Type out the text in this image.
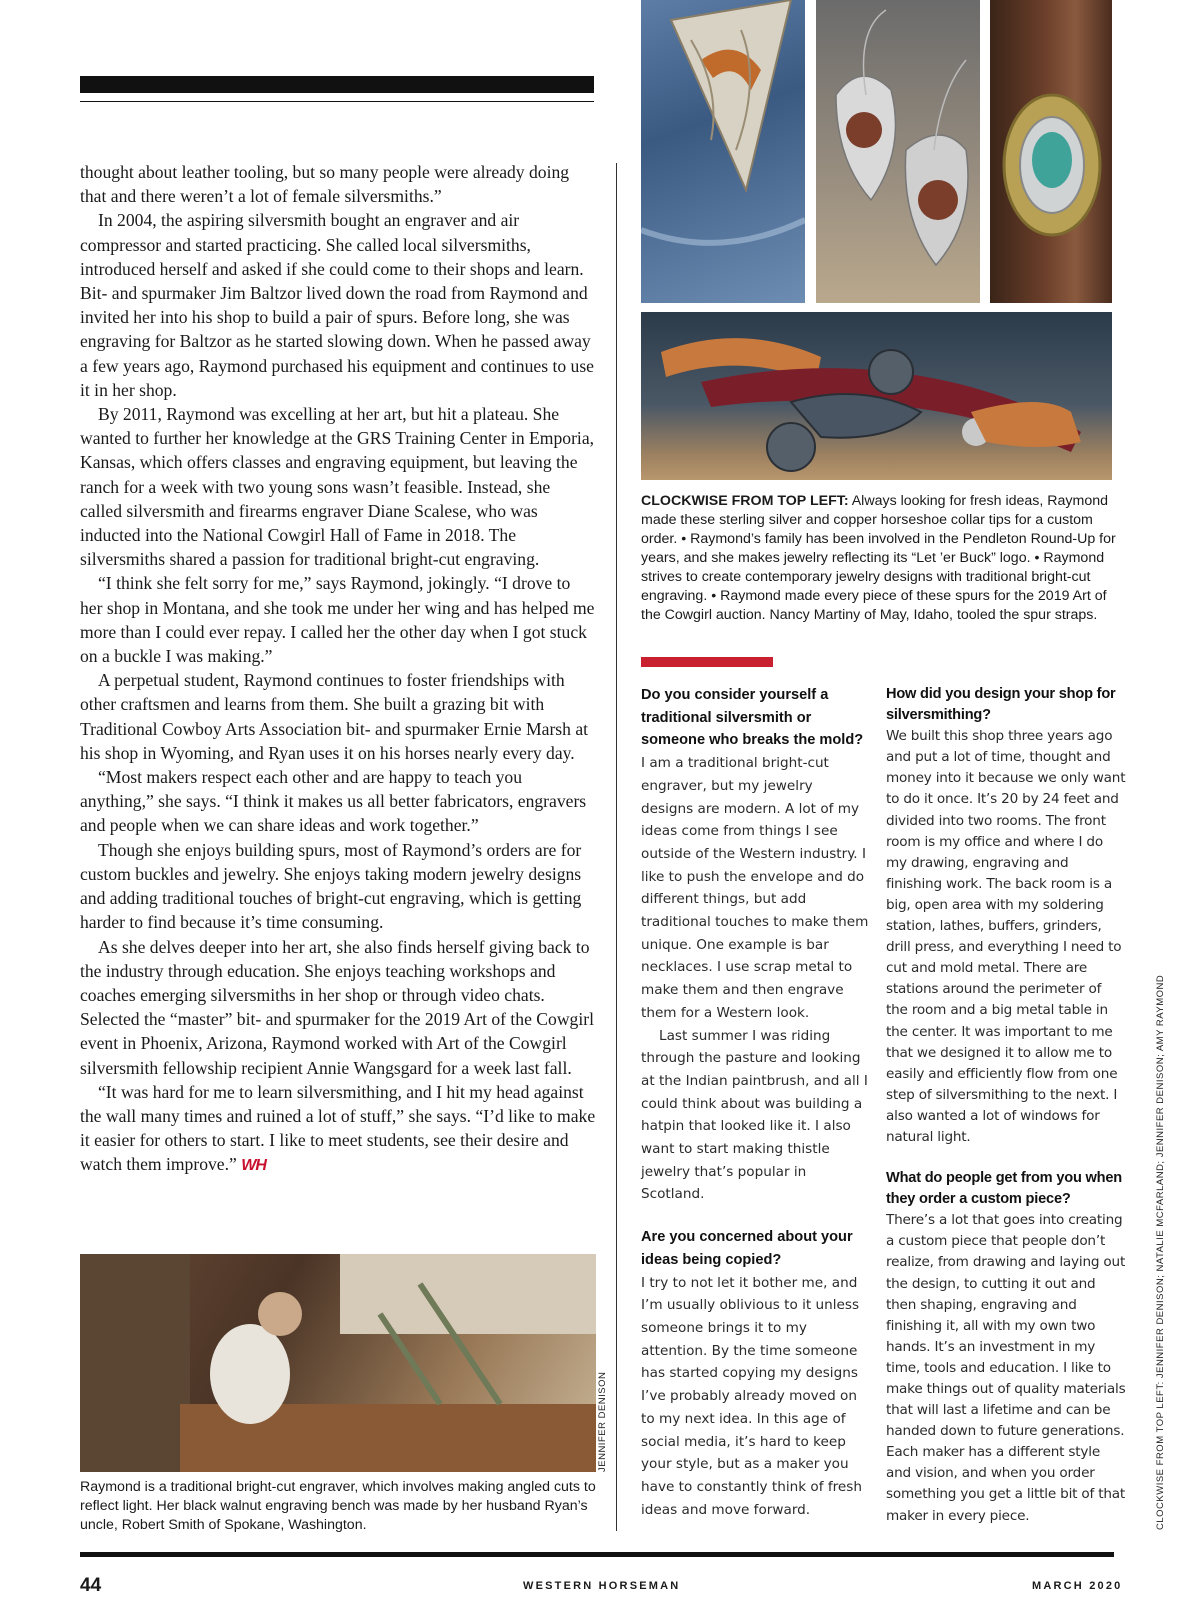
thought about leather tooling, but so many people were already doing that and there weren’t a lot of female silversmiths.”

In 2004, the aspiring silversmith bought an engraver and air compressor and started practicing. She called local silversmiths, introduced herself and asked if she could come to their shops and learn. Bit- and spurmaker Jim Baltzor lived down the road from Raymond and invited her into his shop to build a pair of spurs. Before long, she was engraving for Baltzor as he started slowing down. When he passed away a few years ago, Raymond purchased his equipment and continues to use it in her shop.

By 2011, Raymond was excelling at her art, but hit a plateau. She wanted to further her knowledge at the GRS Training Center in Emporia, Kansas, which offers classes and engraving equipment, but leaving the ranch for a week with two young sons wasn’t feasible. Instead, she called silversmith and firearms engraver Diane Scalese, who was inducted into the National Cowgirl Hall of Fame in 2018. The silversmiths shared a passion for traditional bright-cut engraving.

“I think she felt sorry for me,” says Raymond, jokingly. “I drove to her shop in Montana, and she took me under her wing and has helped me more than I could ever repay. I called her the other day when I got stuck on a buckle I was making.”

A perpetual student, Raymond continues to foster friendships with other craftsmen and learns from them. She built a grazing bit with Traditional Cowboy Arts Association bit- and spurmaker Ernie Marsh at his shop in Wyoming, and Ryan uses it on his horses nearly every day.

“Most makers respect each other and are happy to teach you anything,” she says. “I think it makes us all better fabricators, engravers and people when we can share ideas and work together.”

Though she enjoys building spurs, most of Raymond’s orders are for custom buckles and jewelry. She enjoys taking modern jewelry designs and adding traditional touches of bright-cut engraving, which is getting harder to find because it’s time consuming.

As she delves deeper into her art, she also finds herself giving back to the industry through education. She enjoys teaching workshops and coaches emerging silversmiths in her shop or through video chats. Selected the “master” bit- and spurmaker for the 2019 Art of the Cowgirl event in Phoenix, Arizona, Raymond worked with Art of the Cowgirl silversmith fellowship recipient Annie Wangsgard for a week last fall.

“It was hard for me to learn silversmithing, and I hit my head against the wall many times and ruined a lot of stuff,” she says. “I’d like to make it easier for others to start. I like to meet students, see their desire and watch them improve.” WH

JENNIFER DENISON	CLOCKWISE FROM TOP LEFT: JENNIFER DENISON; NATALIE MCFARLAND; JENNIFER DENISON; AMY RAYMOND
CLOCKWISE FROM TOP LEFT: Always looking for fresh ideas, Raymond made these sterling silver and copper horseshoe collar tips for a custom order. • Raymond’s family has been involved in the Pendleton Round-Up for years, and she makes jewelry reflecting its “Let ’er Buck” logo. • Raymond strives to create contemporary jewelry designs with traditional bright-cut engraving. • Raymond made every piece of these spurs for the 2019 Art of the Cowgirl auction. Nancy Martiny of May, Idaho, tooled the spur straps.
Raymond is a traditional bright-cut engraver, which involves making angled cuts to reflect light. Her black walnut engraving bench was made by her husband Ryan’s uncle, Robert Smith of Spokane, Washington.
Do you consider yourself a traditional silversmith or someone who breaks the mold?

I am a traditional bright-cut engraver, but my jewelry designs are modern. A lot of my ideas come from things I see outside of the Western industry. I like to push the envelope and do different things, but add traditional touches to make them unique. One example is bar necklaces. I use scrap metal to make them and then engrave them for a Western look.

Last summer I was riding through the pasture and looking at the Indian paintbrush, and all I could think about was building a hatpin that looked like it. I also want to start making thistle jewelry that’s popular in Scotland.

Are you concerned about your ideas being copied?

I try to not let it bother me, and I’m usually oblivious to it unless someone brings it to my attention. By the time someone has started copying my designs I’ve probably already moved on to my next idea. In this age of social media, it’s hard to keep your style, but as a maker you have to constantly think of fresh ideas and move forward.

How did you design your shop for silversmithing?

We built this shop three years ago and put a lot of time, thought and money into it because we only want to do it once. It’s 20 by 24 feet and divided into two rooms. The front room is my office and where I do my drawing, engraving and finishing work. The back room is a big, open area with my soldering station, lathes, buffers, grinders, drill press, and everything I need to cut and mold metal. There are stations around the perimeter of the room and a big metal table in the center. It was important to me that we designed it to allow me to easily and efficiently flow from one step of silversmithing to the next. I also wanted a lot of windows for natural light.

What do people get from you when they order a custom piece?

There’s a lot that goes into creating a custom piece that people don’t realize, from drawing and laying out the design, to cutting it out and then shaping, engraving and finishing it, all with my own two hands. It’s an investment in my time, tools and education. I like to make things out of quality materials that will last a lifetime and can be handed down to future generations. Each maker has a different style and vision, and when you order something you get a little bit of that maker in every piece.

44	WESTERN HORSEMAN	MARCH 2020
